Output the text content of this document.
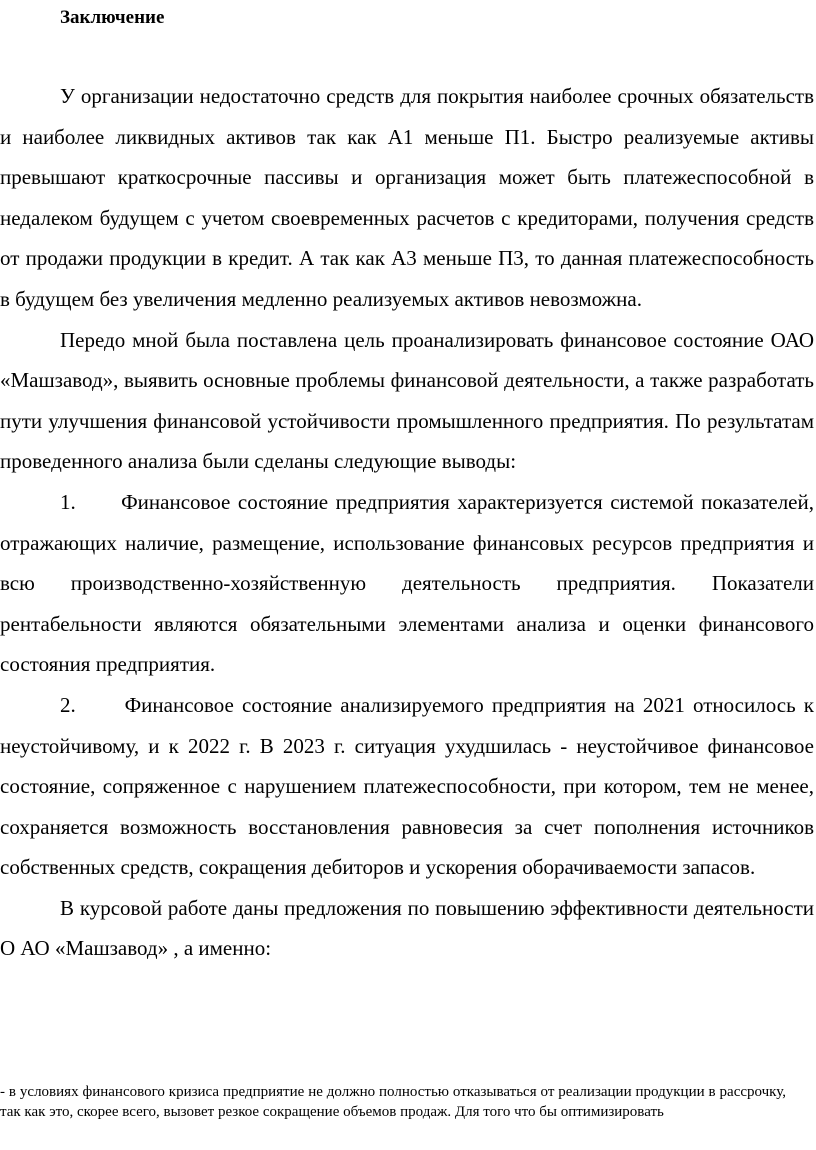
Заключение

У организации недостаточно средств для покрытия наиболее срочных обязательств и наиболее ликвидных активов так как А1 меньше П1. Быстро реализуемые активы превышают краткосрочные пассивы и организация может быть платежеспособной в недалеком будущем с учетом своевременных расчетов с кредиторами, получения средств от продажи продукции в кредит. А так как А3 меньше П3, то данная платежеспособность в будущем без увеличения медленно реализуемых активов невозможна.

Передо мной была поставлена цель проанализировать финансовое состояние ОАО «Машзавод», выявить основные проблемы финансовой деятельности, а также разработать пути улучшения финансовой устойчивости промышленного предприятия. По результатам проведенного анализа были сделаны следующие выводы:

1.      Финансовое состояние предприятия характеризуется системой показателей, отражающих наличие, размещение, использование финансовых ресурсов предприятия и всю производственно-хозяйственную деятельность предприятия. Показатели рентабельности являются обязательными элементами анализа и оценки финансового состояния предприятия.

2.      Финансовое состояние анализируемого предприятия на 2021 относилось к неустойчивому, и к 2022 г. В 2023 г. ситуация ухудшилась - неустойчивое финансовое состояние, сопряженное с нарушением платежеспособности, при котором, тем не менее, сохраняется возможность восстановления равновесия за счет пополнения источников собственных средств, сокращения дебиторов и ускорения оборачиваемости запасов.

В курсовой работе даны предложения по повышению эффективности деятельности О АО «Машзавод» , а именно:

- в условиях финансового кризиса предприятие не должно полностью отказываться от реализации продукции в рассрочку, так как это, скорее всего, вызовет резкое сокращение объемов продаж. Для того что бы оптимизировать
